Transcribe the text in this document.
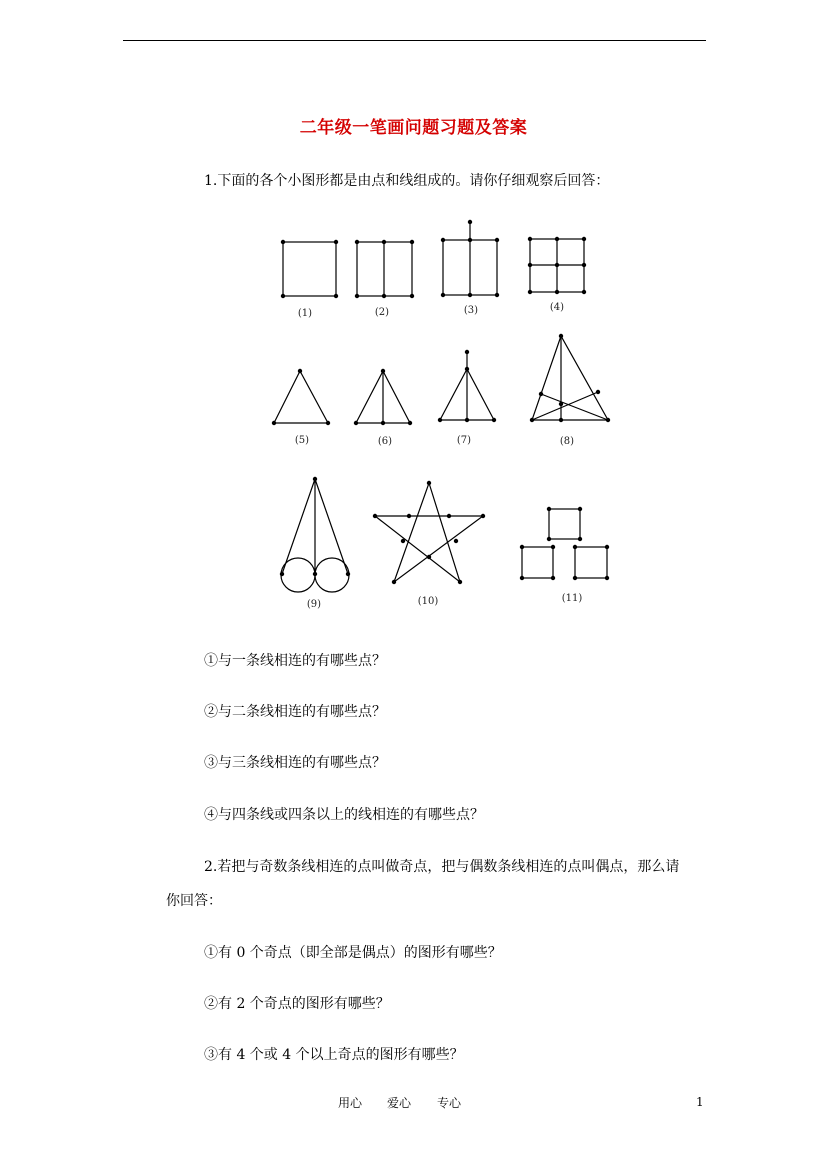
二年级一笔画问题习题及答案
1.下面的各个小图形都是由点和线组成的。请你仔细观察后回答：
(1)	(2)	(3)	(4)
(5)	(6)	(7)	(8)
(9)	(10)	(11)
①与一条线相连的有哪些点？
②与二条线相连的有哪些点？
③与三条线相连的有哪些点？
④与四条线或四条以上的线相连的有哪些点？
2.若把与奇数条线相连的点叫做奇点，把与偶数条线相连的点叫偶点，那么请
你回答：
①有 0 个奇点（即全部是偶点）的图形有哪些？
②有 2 个奇点的图形有哪些？
③有 4 个或 4 个以上奇点的图形有哪些？
用心 爱心 专心	1
